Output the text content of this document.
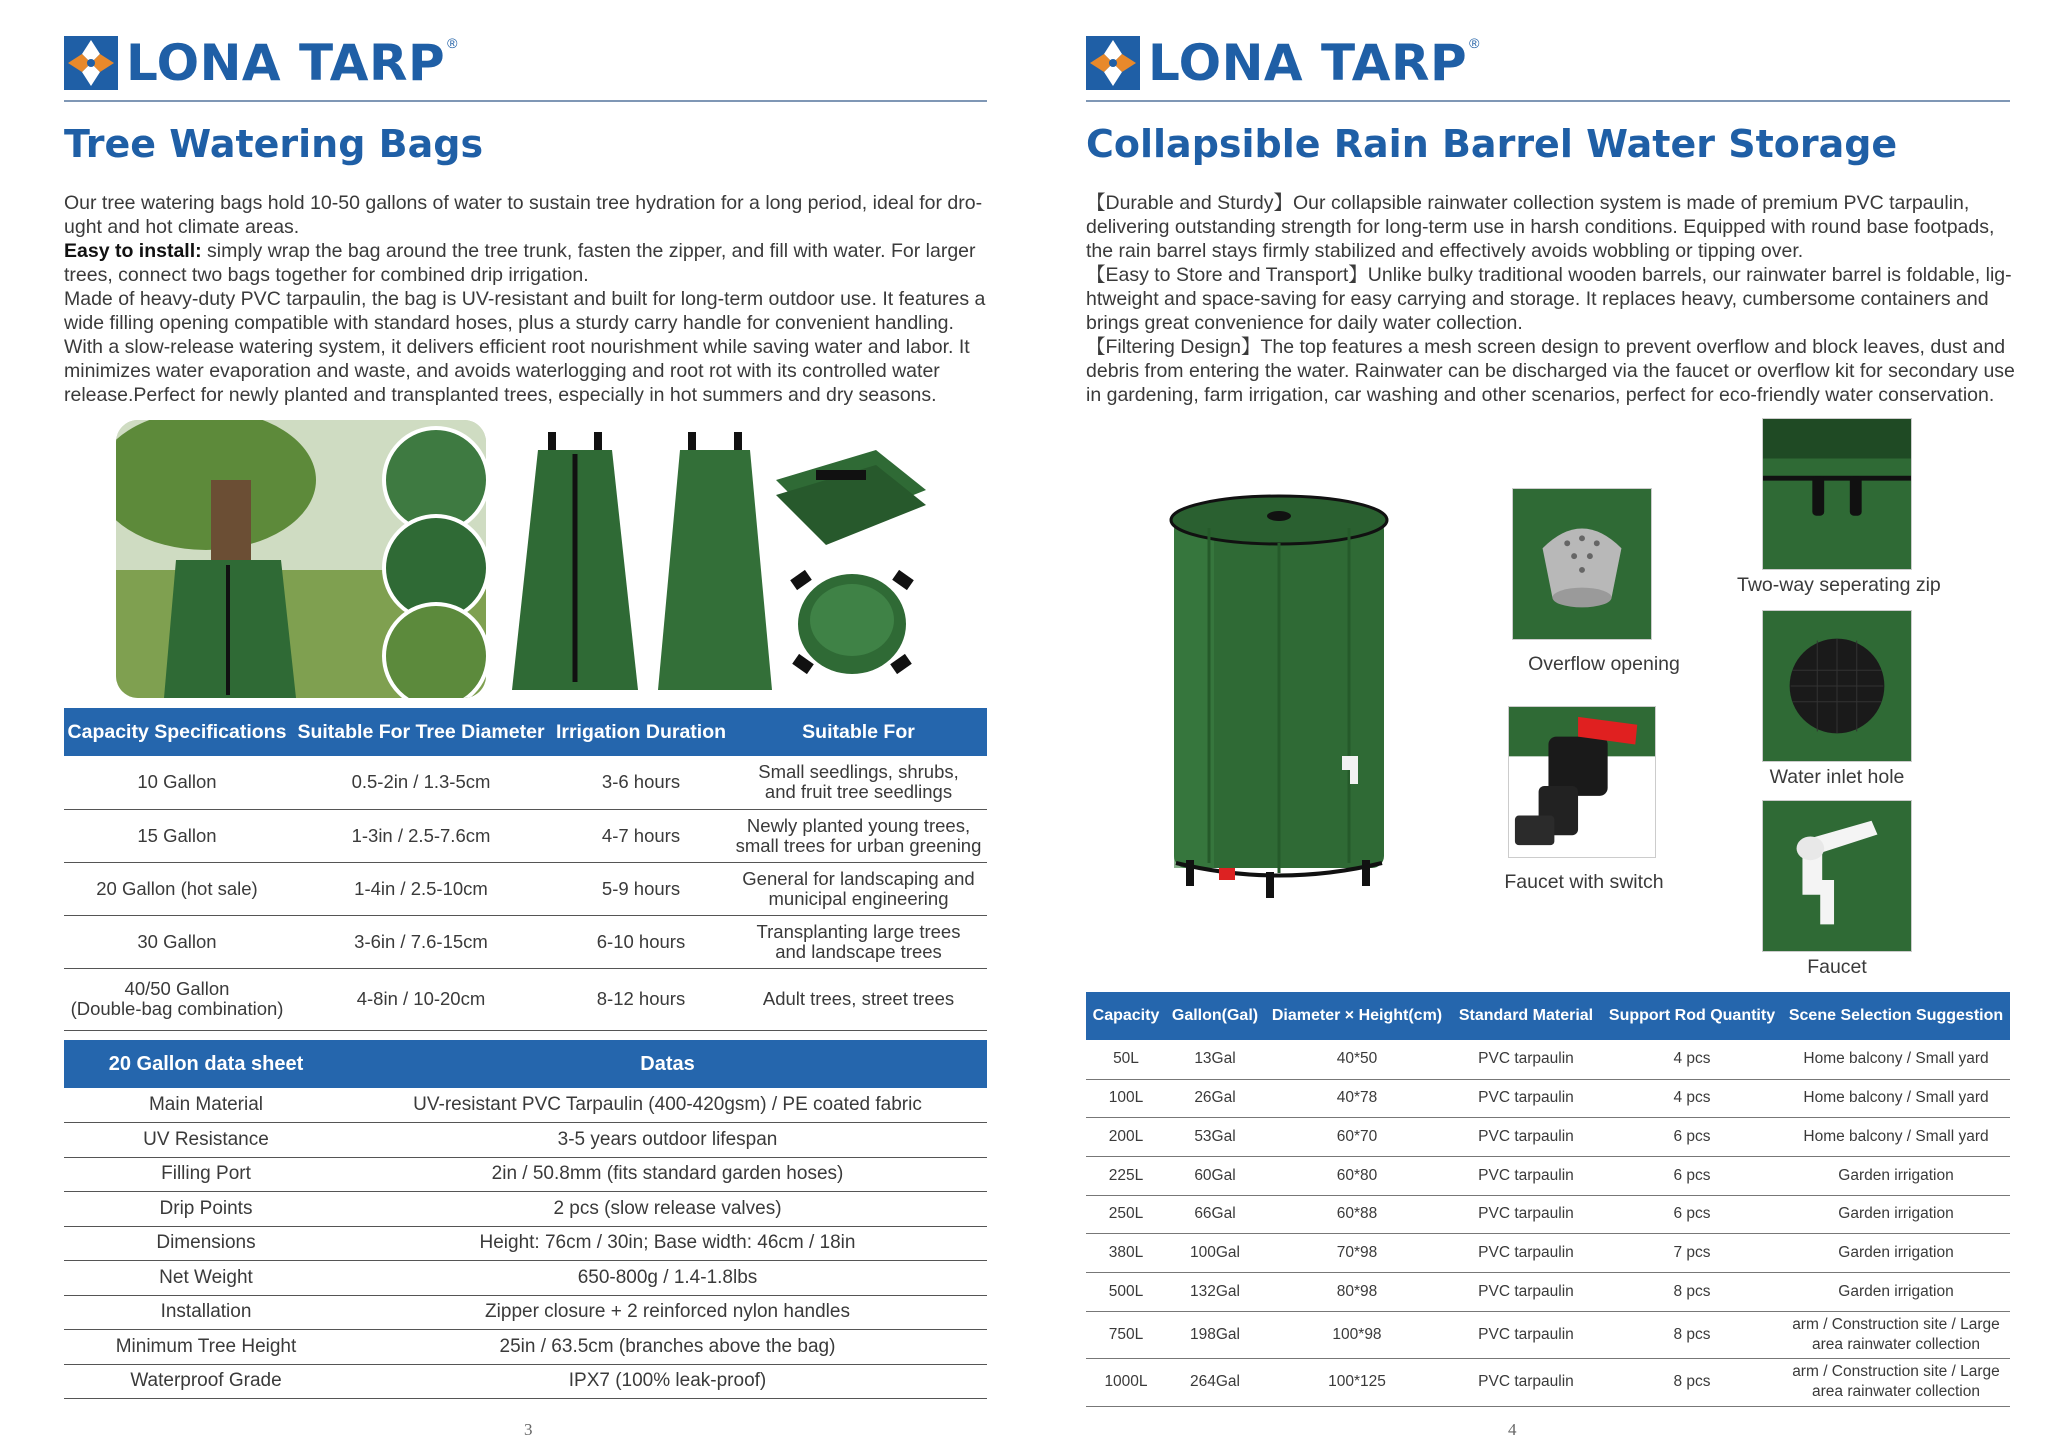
LONA TARP ®
Tree Watering Bags

Our tree watering bags hold 10-50 gallons of water to sustain tree hydration for a long period, ideal for dro-ught and hot climate areas.

Easy to install: simply wrap the bag around the tree trunk, fasten the zipper, and fill with water. For larger trees, connect two bags together for combined drip irrigation.

Made of heavy-duty PVC tarpaulin, the bag is UV-resistant and built for long-term outdoor use. It features a wide filling opening compatible with standard hoses, plus a sturdy carry handle for convenient handling. With a slow-release watering system, it delivers efficient root nourishment while saving water and labor. It minimizes water evaporation and waste, and avoids waterlogging and root rot with its controlled water release.Perfect for newly planted and transplanted trees, especially in hot summers and dry seasons.

Capacity Specifications	Suitable For Tree Diameter	Irrigation Duration	Suitable For

10 Gallon	0.5-2in / 1.3-5cm	3-6 hours	Small seedlings, shrubs,
and fruit tree seedlings

15 Gallon	1-3in / 2.5-7.6cm	4-7 hours	Newly planted young trees,
small trees for urban greening

20 Gallon (hot sale)	1-4in / 2.5-10cm	5-9 hours	General for landscaping and
municipal engineering

30 Gallon	3-6in / 7.6-15cm	6-10 hours	Transplanting large trees
and landscape trees

40/50 Gallon
(Double-bag combination)	4-8in / 10-20cm	8-12 hours	Adult trees, street trees
20 Gallon data sheet	Datas
Main Material	UV-resistant PVC Tarpaulin (400-420gsm) / PE coated fabric
UV Resistance	3-5 years outdoor lifespan
Filling Port	2in / 50.8mm (fits standard garden hoses)
Drip Points	2 pcs (slow release valves)
Dimensions	Height: 76cm / 30in; Base width: 46cm / 18in
Net Weight	650-800g / 1.4-1.8lbs
Installation	Zipper closure + 2 reinforced nylon handles
Minimum Tree Height	25in / 63.5cm (branches above the bag)
Waterproof Grade	IPX7 (100% leak-proof)
3
LONA TARP ®
Collapsible Rain Barrel Water Storage

【Durable and Sturdy】Our collapsible rainwater collection system is made of premium PVC tarpaulin, delivering outstanding strength for long-term use in harsh conditions. Equipped with round base footpads, the rain barrel stays firmly stabilized and effectively avoids wobbling or tipping over.

【Easy to Store and Transport】Unlike bulky traditional wooden barrels, our rainwater barrel is foldable, lig-htweight and space-saving for easy carrying and storage. It replaces heavy, cumbersome containers and brings great convenience for daily water collection.

【Filtering Design】The top features a mesh screen design to prevent overflow and block leaves, dust and debris from entering the water. Rainwater can be discharged via the faucet or overflow kit for secondary use in gardening, farm irrigation, car washing and other scenarios, perfect for eco-friendly water conservation.

Overflow opening
Faucet with switch
Two-way seperating zip
Water inlet hole
Faucet
Capacity	Gallon(Gal)	Diameter × Height(cm)	Standard Material	Support Rod Quantity	Scene Selection Suggestion
50L	13Gal	40*50	PVC tarpaulin	4 pcs	Home balcony / Small yard

100L	26Gal	40*78	PVC tarpaulin	4 pcs	Home balcony / Small yard

200L	53Gal	60*70	PVC tarpaulin	6 pcs	Home balcony / Small yard

225L	60Gal	60*80	PVC tarpaulin	6 pcs	Garden irrigation

250L	66Gal	60*88	PVC tarpaulin	6 pcs	Garden irrigation

380L	100Gal	70*98	PVC tarpaulin	7 pcs	Garden irrigation

500L	132Gal	80*98	PVC tarpaulin	8 pcs	Garden irrigation

750L	198Gal	100*98	PVC tarpaulin	8 pcs	arm / Construction site / Large
area rainwater collection

1000L	264Gal	100*125	PVC tarpaulin	8 pcs	arm / Construction site / Large
area rainwater collection
4
